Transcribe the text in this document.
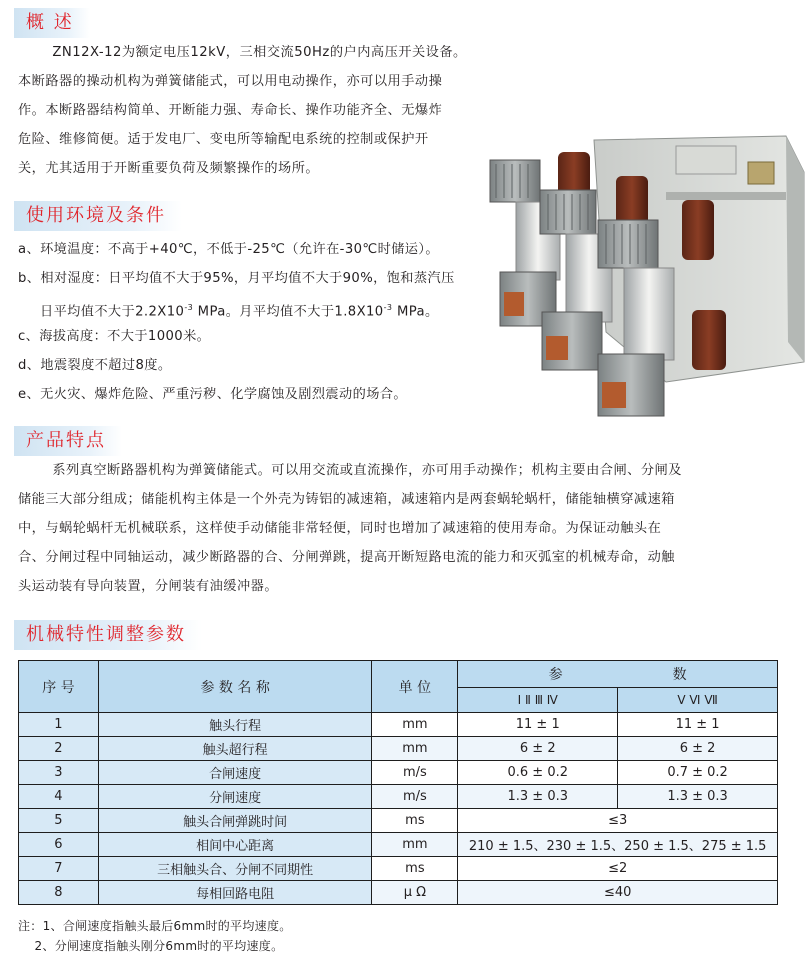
概 述
ZN12X-12为额定电压12kV，三相交流50Hz的户内高压开关设备。
本断路器的操动机构为弹簧储能式，可以用电动操作，亦可以用手动操
作。本断路器结构简单、开断能力强、寿命长、操作功能齐全、无爆炸
危险、维修简便。适于发电厂、变电所等输配电系统的控制或保护开
关，尤其适用于开断重要负荷及频繁操作的场所。
使用环境及条件
a、环境温度：不高于+40℃，不低于-25℃（允许在-30℃时储运）。
b、相对湿度：日平均值不大于95%，月平均值不大于90%，饱和蒸汽压
日平均值不大于$2.2X10^{-3}$ MPa。月平均值不大于$1.8X10^{-3}$ MPa。
c、海拔高度：不大于1000米。
d、地震裂度不超过8度。
e、无火灾、爆炸危险、严重污秽、化学腐蚀及剧烈震动的场合。
产品特点
系列真空断路器机构为弹簧储能式。可以用交流或直流操作，亦可用手动操作；机构主要由合闸、分闸及
储能三大部分组成；储能机构主体是一个外壳为铸铝的减速箱，减速箱内是两套蜗轮蜗杆，储能轴横穿减速箱
中，与蜗轮蜗杆无机械联系，这样使手动储能非常轻便，同时也增加了减速箱的使用寿命。为保证动触头在
合、分闸过程中同轴运动，减少断路器的合、分闸弹跳，提高开断短路电流的能力和灭弧室的机械寿命，动触
头运动装有导向装置，分闸装有油缓冲器。
机械特性调整参数
序 号	参 数 名 称	单 位	参 数	
			Ⅰ Ⅱ Ⅲ Ⅳ	Ⅴ Ⅵ Ⅶ
1	触头行程	mm	11 ± 1	11 ± 1
2	触头超行程	mm	6 ± 2	6 ± 2
3	合闸速度	m/s	0.6 ± 0.2	0.7 ± 0.2
4	分闸速度	m/s	1.3 ± 0.3	1.3 ± 0.3
5	触头合闸弹跳时间	ms	≤3	
6	相间中心距离	mm	210 ± 1.5、230 ± 1.5、250 ± 1.5、275 ± 1.5	
7	三相触头合、分闸不同期性	ms	≤2	
8	每相回路电阻	μ Ω	≤40	
注：1、合闸速度指触头最后6mm时的平均速度。
2、分闸速度指触头刚分6mm时的平均速度。
